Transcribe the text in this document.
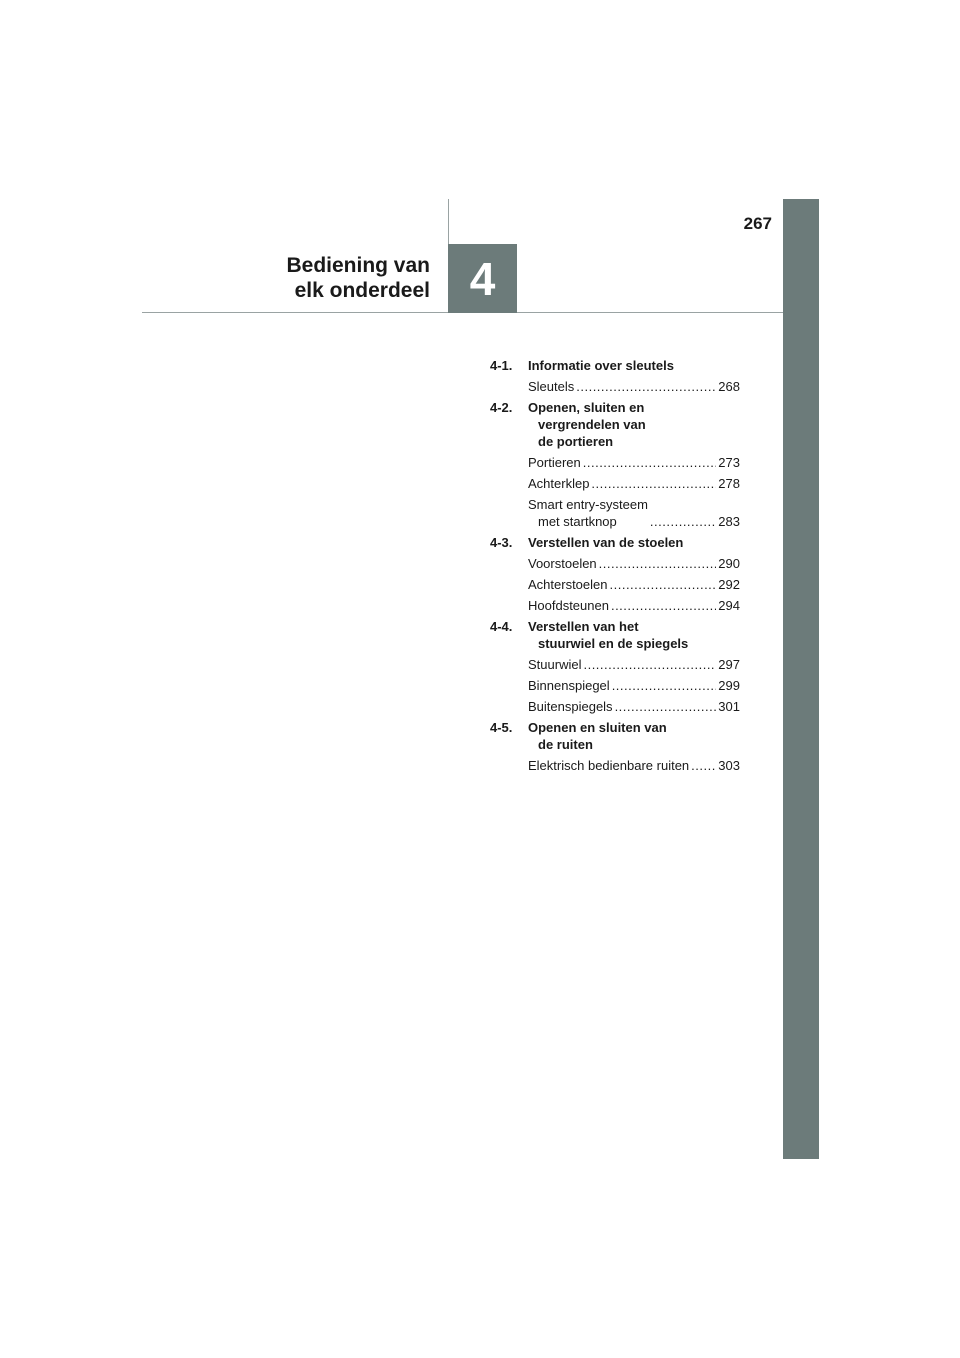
267
4
Bediening van
elk onderdeel
4-1.	Informatie over sleutels
Sleutels .....	268
4-2.	Openen, sluiten en
vergrendelen van
de portieren
Portieren .....	273
Achterklep .....	278
Smart entry-systeem
met startknop .....	283
4-3.	Verstellen van de stoelen
Voorstoelen .....	290
Achterstoelen .....	292
Hoofdsteunen .....	294
4-4.	Verstellen van het
stuurwiel en de spiegels
Stuurwiel .....	297
Binnenspiegel .....	299
Buitenspiegels .....	301
4-5.	Openen en sluiten van
de ruiten
Elektrisch bedienbare ruiten ..... 303
